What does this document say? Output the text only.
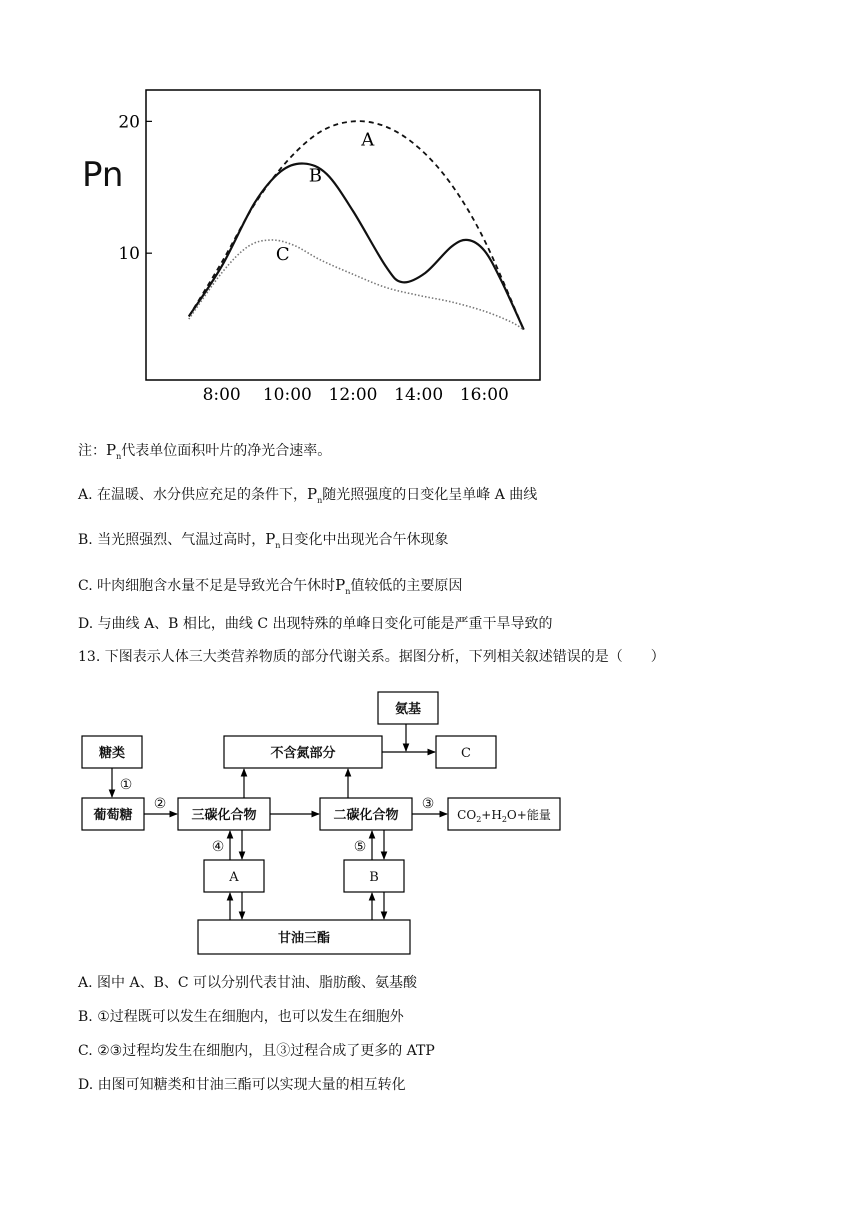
Pn
8:00 10:00 12:00 14:00 16:00
10
20
A
B
C
注：$P_n$代表单位面积叶片的净光合速率。
A. 在温暖、水分供应充足的条件下，$P_n$随光照强度的日变化呈单峰 A 曲线
B. 当光照强烈、气温过高时，$P_n$日变化中出现光合午休现象
C. 叶肉细胞含水量不足是导致光合午休时$P_n$值较低的主要原因
D. 与曲线 A、B 相比，曲线 C 出现特殊的单峰日变化可能是严重干旱导致的
13. 下图表示人体三大类营养物质的部分代谢关系。据图分析，下列相关叙述错误的是（　　）
糖类
葡萄糖	三碳化合物
不含氮部分
氨基
C
二碳化合物	$CO_2+H_2O+$能量
A	B
甘油三酯
①
②	③
④	⑤
A. 图中 A、B、C 可以分别代表甘油、脂肪酸、氨基酸
B. ①过程既可以发生在细胞内，也可以发生在细胞外
C. ②③过程均发生在细胞内，且③过程合成了更多的 ATP
D. 由图可知糖类和甘油三酯可以实现大量的相互转化
